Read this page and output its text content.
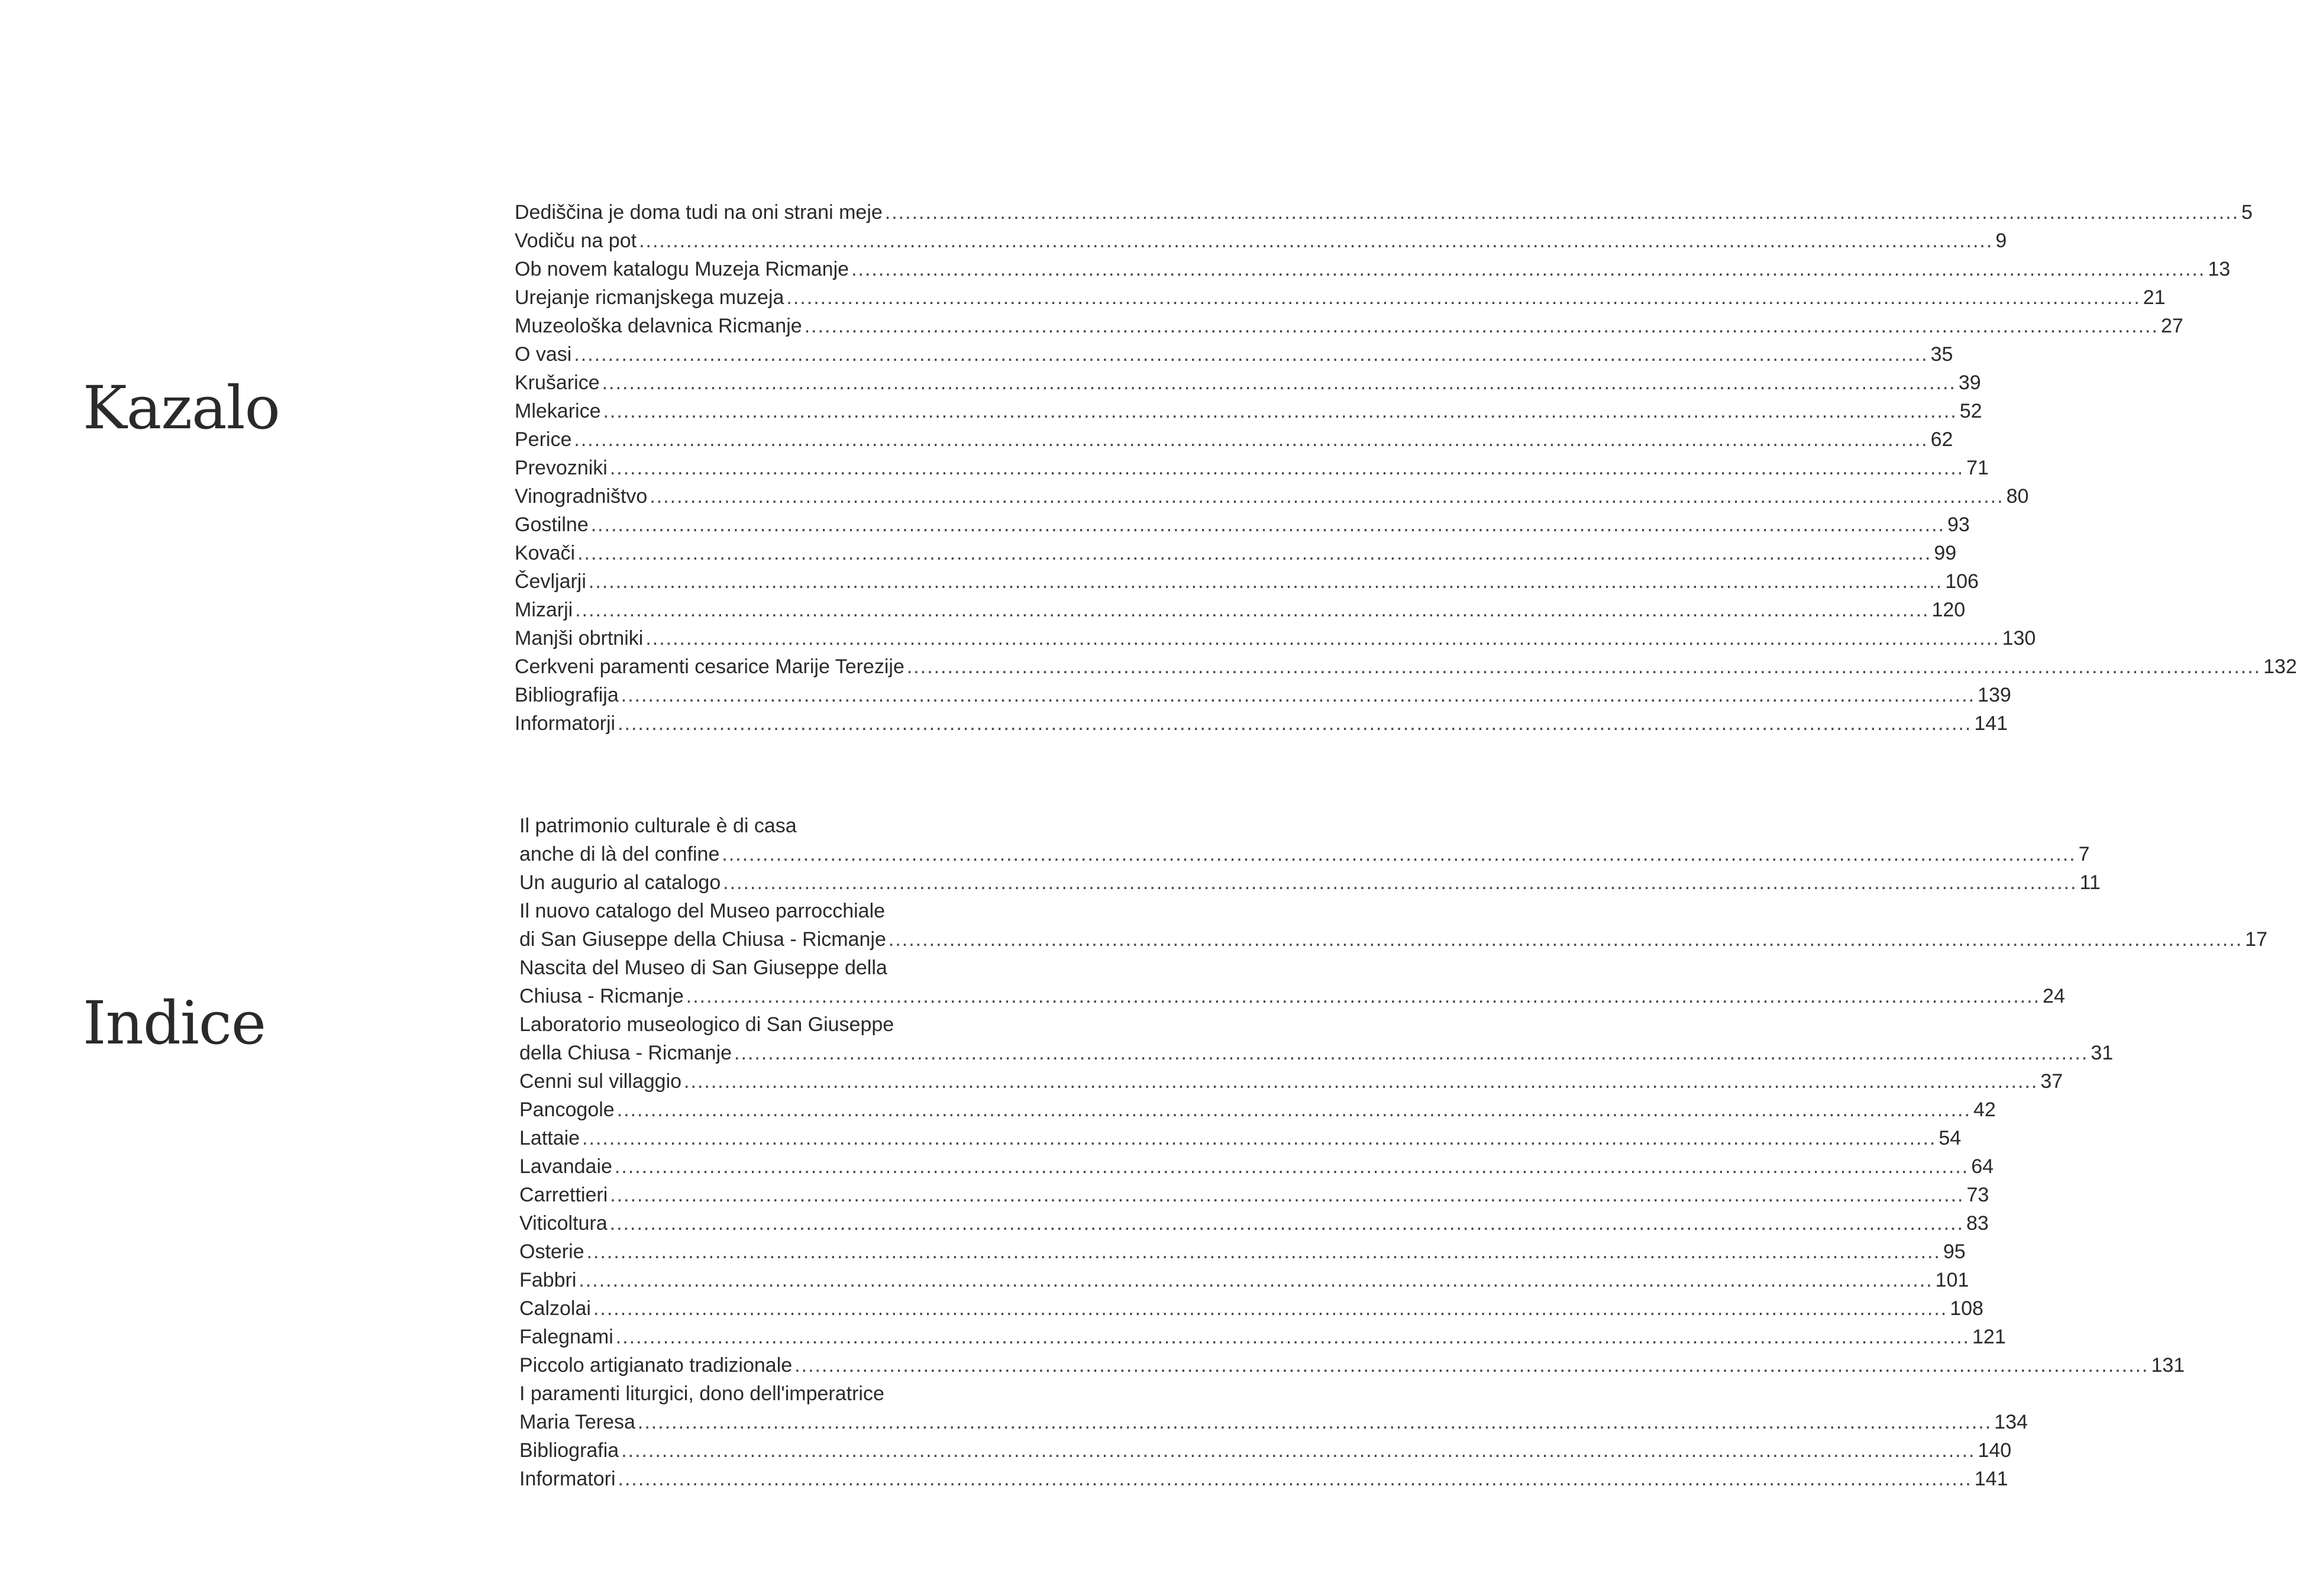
Kazalo
Dediščina je doma tudi na oni strani meje ........................................................................................................................................................................................................ 5
Vodiču na pot ........................................................................................................................................................................................................ 9
Ob novem katalogu Muzeja Ricmanje ........................................................................................................................................................................................................ 13
Urejanje ricmanjskega muzeja ........................................................................................................................................................................................................ 21
Muzeološka delavnica Ricmanje ........................................................................................................................................................................................................ 27
O vasi ........................................................................................................................................................................................................ 35
Krušarice ........................................................................................................................................................................................................ 39
Mlekarice ........................................................................................................................................................................................................ 52
Perice ........................................................................................................................................................................................................ 62
Prevozniki ........................................................................................................................................................................................................ 71
Vinogradništvo ........................................................................................................................................................................................................ 80
Gostilne ........................................................................................................................................................................................................ 93
Kovači ........................................................................................................................................................................................................ 99
Čevljarji ........................................................................................................................................................................................................ 106
Mizarji ........................................................................................................................................................................................................ 120
Manjši obrtniki ........................................................................................................................................................................................................ 130
Cerkveni paramenti cesarice Marije Terezije ........................................................................................................................................................................................................ 132
Bibliografija ........................................................................................................................................................................................................ 139
Informatorji ........................................................................................................................................................................................................ 141
Indice
Il patrimonio culturale è di casa
anche di là del confine ........................................................................................................................................................................................................ 7
Un augurio al catalogo ........................................................................................................................................................................................................ 11
Il nuovo catalogo del Museo parrocchiale
di San Giuseppe della Chiusa - Ricmanje ........................................................................................................................................................................................................ 17
Nascita del Museo di San Giuseppe della
Chiusa - Ricmanje ........................................................................................................................................................................................................ 24
Laboratorio museologico di San Giuseppe
della Chiusa - Ricmanje ........................................................................................................................................................................................................ 31
Cenni sul villaggio ........................................................................................................................................................................................................ 37
Pancogole ........................................................................................................................................................................................................ 42
Lattaie ........................................................................................................................................................................................................ 54
Lavandaie ........................................................................................................................................................................................................ 64
Carrettieri ........................................................................................................................................................................................................ 73
Viticoltura ........................................................................................................................................................................................................ 83
Osterie ........................................................................................................................................................................................................ 95
Fabbri ........................................................................................................................................................................................................ 101
Calzolai ........................................................................................................................................................................................................ 108
Falegnami ........................................................................................................................................................................................................ 121
Piccolo artigianato tradizionale ........................................................................................................................................................................................................ 131
I paramenti liturgici, dono dell'imperatrice
Maria Teresa ........................................................................................................................................................................................................ 134
Bibliografia ........................................................................................................................................................................................................ 140
Informatori ........................................................................................................................................................................................................ 141
